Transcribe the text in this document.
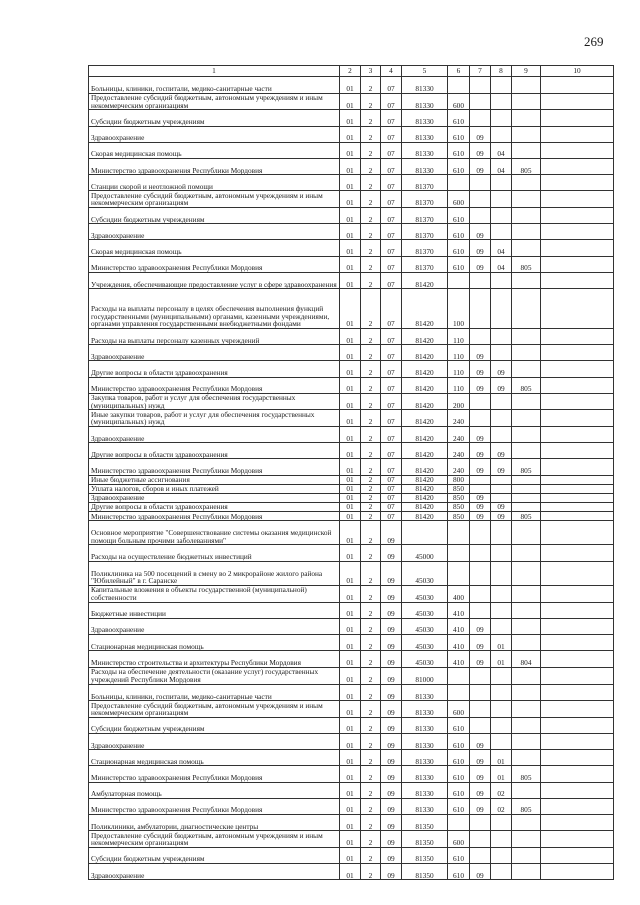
269
1	2	3	4	5	6	7	8	9	10	
Больницы, клиники, госпитали, медико-санитарные части	01	2	07	81330						
Предоставление субсидий бюджетным, автономным учреждениям и иным некоммерческим организациям	01	2	07	81330	600					
Субсидии бюджетным учреждениям	01	2	07	81330	610					
Здравоохранение	01	2	07	81330	610	09				
Скорая медицинская помощь	01	2	07	81330	610	09	04			
Министерство здравоохранения Республики Мордовия	01	2	07	81330	610	09	04	805		
Станции скорой и неотложной помощи	01	2	07	81370						
Предоставление субсидий бюджетным, автономным учреждениям и иным некоммерческим организациям	01	2	07	81370	600					
Субсидии бюджетным учреждениям	01	2	07	81370	610					
Здравоохранение	01	2	07	81370	610	09				
Скорая медицинская помощь	01	2	07	81370	610	09	04			
Министерство здравоохранения Республики Мордовия	01	2	07	81370	610	09	04	805		
Учреждения, обеспечивающие предоставление услуг в сфере здравоохранения	01	2	07	81420						
Расходы на выплаты персоналу в целях обеспечения выполнения функций государственными (муниципальными) органами, казенными учреждениями, органами управления государственными внебюджетными фондами	01	2	07	81420	100					
Расходы на выплаты персоналу казенных учреждений	01	2	07	81420	110					
Здравоохранение	01	2	07	81420	110	09				
Другие вопросы в области здравоохранения	01	2	07	81420	110	09	09			
Министерство здравоохранения Республики Мордовия	01	2	07	81420	110	09	09	805		
Закупка товаров, работ и услуг для обеспечения государственных (муниципальных) нужд	01	2	07	81420	200					
Иные закупки товаров, работ и услуг для обеспечения государственных (муниципальных) нужд	01	2	07	81420	240					
Здравоохранение	01	2	07	81420	240	09				
Другие вопросы в области здравоохранения	01	2	07	81420	240	09	09			
Министерство здравоохранения Республики Мордовия	01	2	07	81420	240	09	09	805		
Иные бюджетные ассигнования	01	2	07	81420	800					
Уплата налогов, сборов и иных платежей	01	2	07	81420	850					
Здравоохранение	01	2	07	81420	850	09				
Другие вопросы в области здравоохранения	01	2	07	81420	850	09	09			
Министерство здравоохранения Республики Мордовия	01	2	07	81420	850	09	09	805		
Основное мероприятие "Совершенствование системы оказания медицинской помощи больным прочими заболеваниями"	01	2	09							
Расходы на осуществление бюджетных инвестиций	01	2	09	45000						
Поликлиника на 500 посещений в смену во 2 микрорайоне жилого района "Юбилейный" в г. Саранске	01	2	09	45030						
Капитальные вложения в объекты государственной (муниципальной) собственности	01	2	09	45030	400					
Бюджетные инвестиции	01	2	09	45030	410					
Здравоохранение	01	2	09	45030	410	09				
Стационарная медицинская помощь	01	2	09	45030	410	09	01			
Министерство строительства и архитектуры Республики Мордовия	01	2	09	45030	410	09	01	804		
Расходы на обеспечение деятельности (оказание услуг) государственных учреждений Республики Мордовия	01	2	09	81000						
Больницы, клиники, госпитали, медико-санитарные части	01	2	09	81330						
Предоставление субсидий бюджетным, автономным учреждениям и иным некоммерческим организациям	01	2	09	81330	600					
Субсидии бюджетным учреждениям	01	2	09	81330	610					
Здравоохранение	01	2	09	81330	610	09				
Стационарная медицинская помощь	01	2	09	81330	610	09	01			
Министерство здравоохранения Республики Мордовия	01	2	09	81330	610	09	01	805		
Амбулаторная помощь	01	2	09	81330	610	09	02			
Министерство здравоохранения Республики Мордовия	01	2	09	81330	610	09	02	805		
Поликлиники, амбулатории, диагностические центры	01	2	09	81350						
Предоставление субсидий бюджетным, автономным учреждениям и иным некоммерческим организациям	01	2	09	81350	600					
Субсидии бюджетным учреждениям	01	2	09	81350	610					
Здравоохранение	01	2	09	81350	610	09				
